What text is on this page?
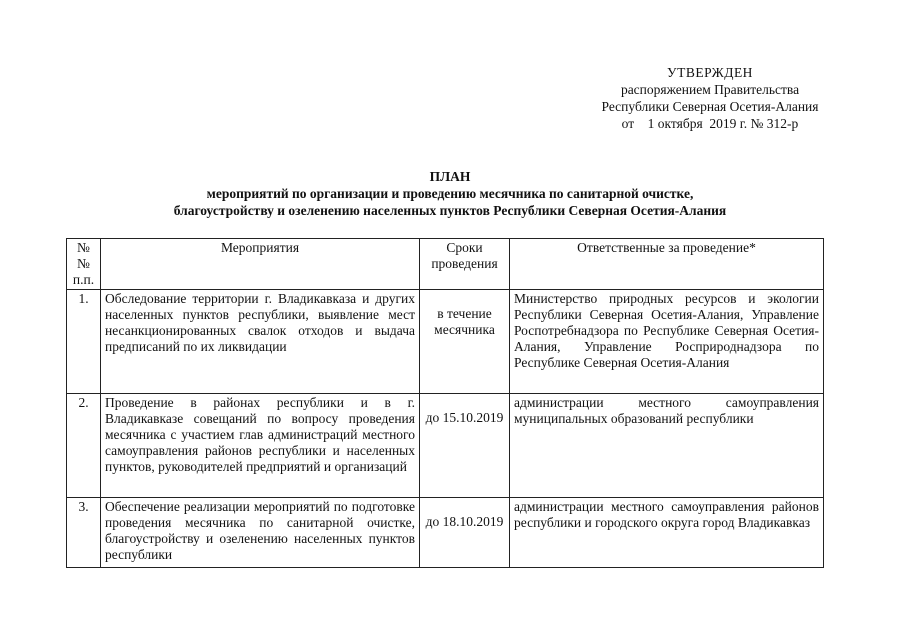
УТВЕРЖДЕН
распоряжением Правительства
Республики Северная Осетия-Алания
от    1 октября  2019 г. № 312-р
ПЛАН
мероприятий по организации и проведению месячника по санитарной очистке,
благоустройству и озеленению населенных пунктов Республики Северная Осетия-Алания
№ № п.п.	Мероприятия	Сроки проведения	Ответственные за проведение*
1.	Обследование территории г. Владикавказа и других населенных пунктов республики, выявление мест несанкционированных свалок отходов и выдача предписаний по их ликвидации	в течение месячника	Министерство природных ресурсов и экологии Республики Северная Осетия-Алания, Управление Роспотребнадзора по Республике Северная Осетия-Алания, Управление Росприроднадзора по Республике Северная Осетия-Алания
2.	Проведение в районах республики и в г. Владикавказе совещаний по вопросу проведения месячника с участием глав администраций местного самоуправления районов республики и населенных пунктов, руководителей предприятий и организаций	до 15.10.2019	администрации местного самоуправления муниципальных образований республики
3.	Обеспечение реализации мероприятий по подготовке проведения месячника по санитарной очистке, благоустройству и озеленению населенных пунктов республики	до 18.10.2019	администрации местного самоуправления районов республики и городского округа город Владикавказ
